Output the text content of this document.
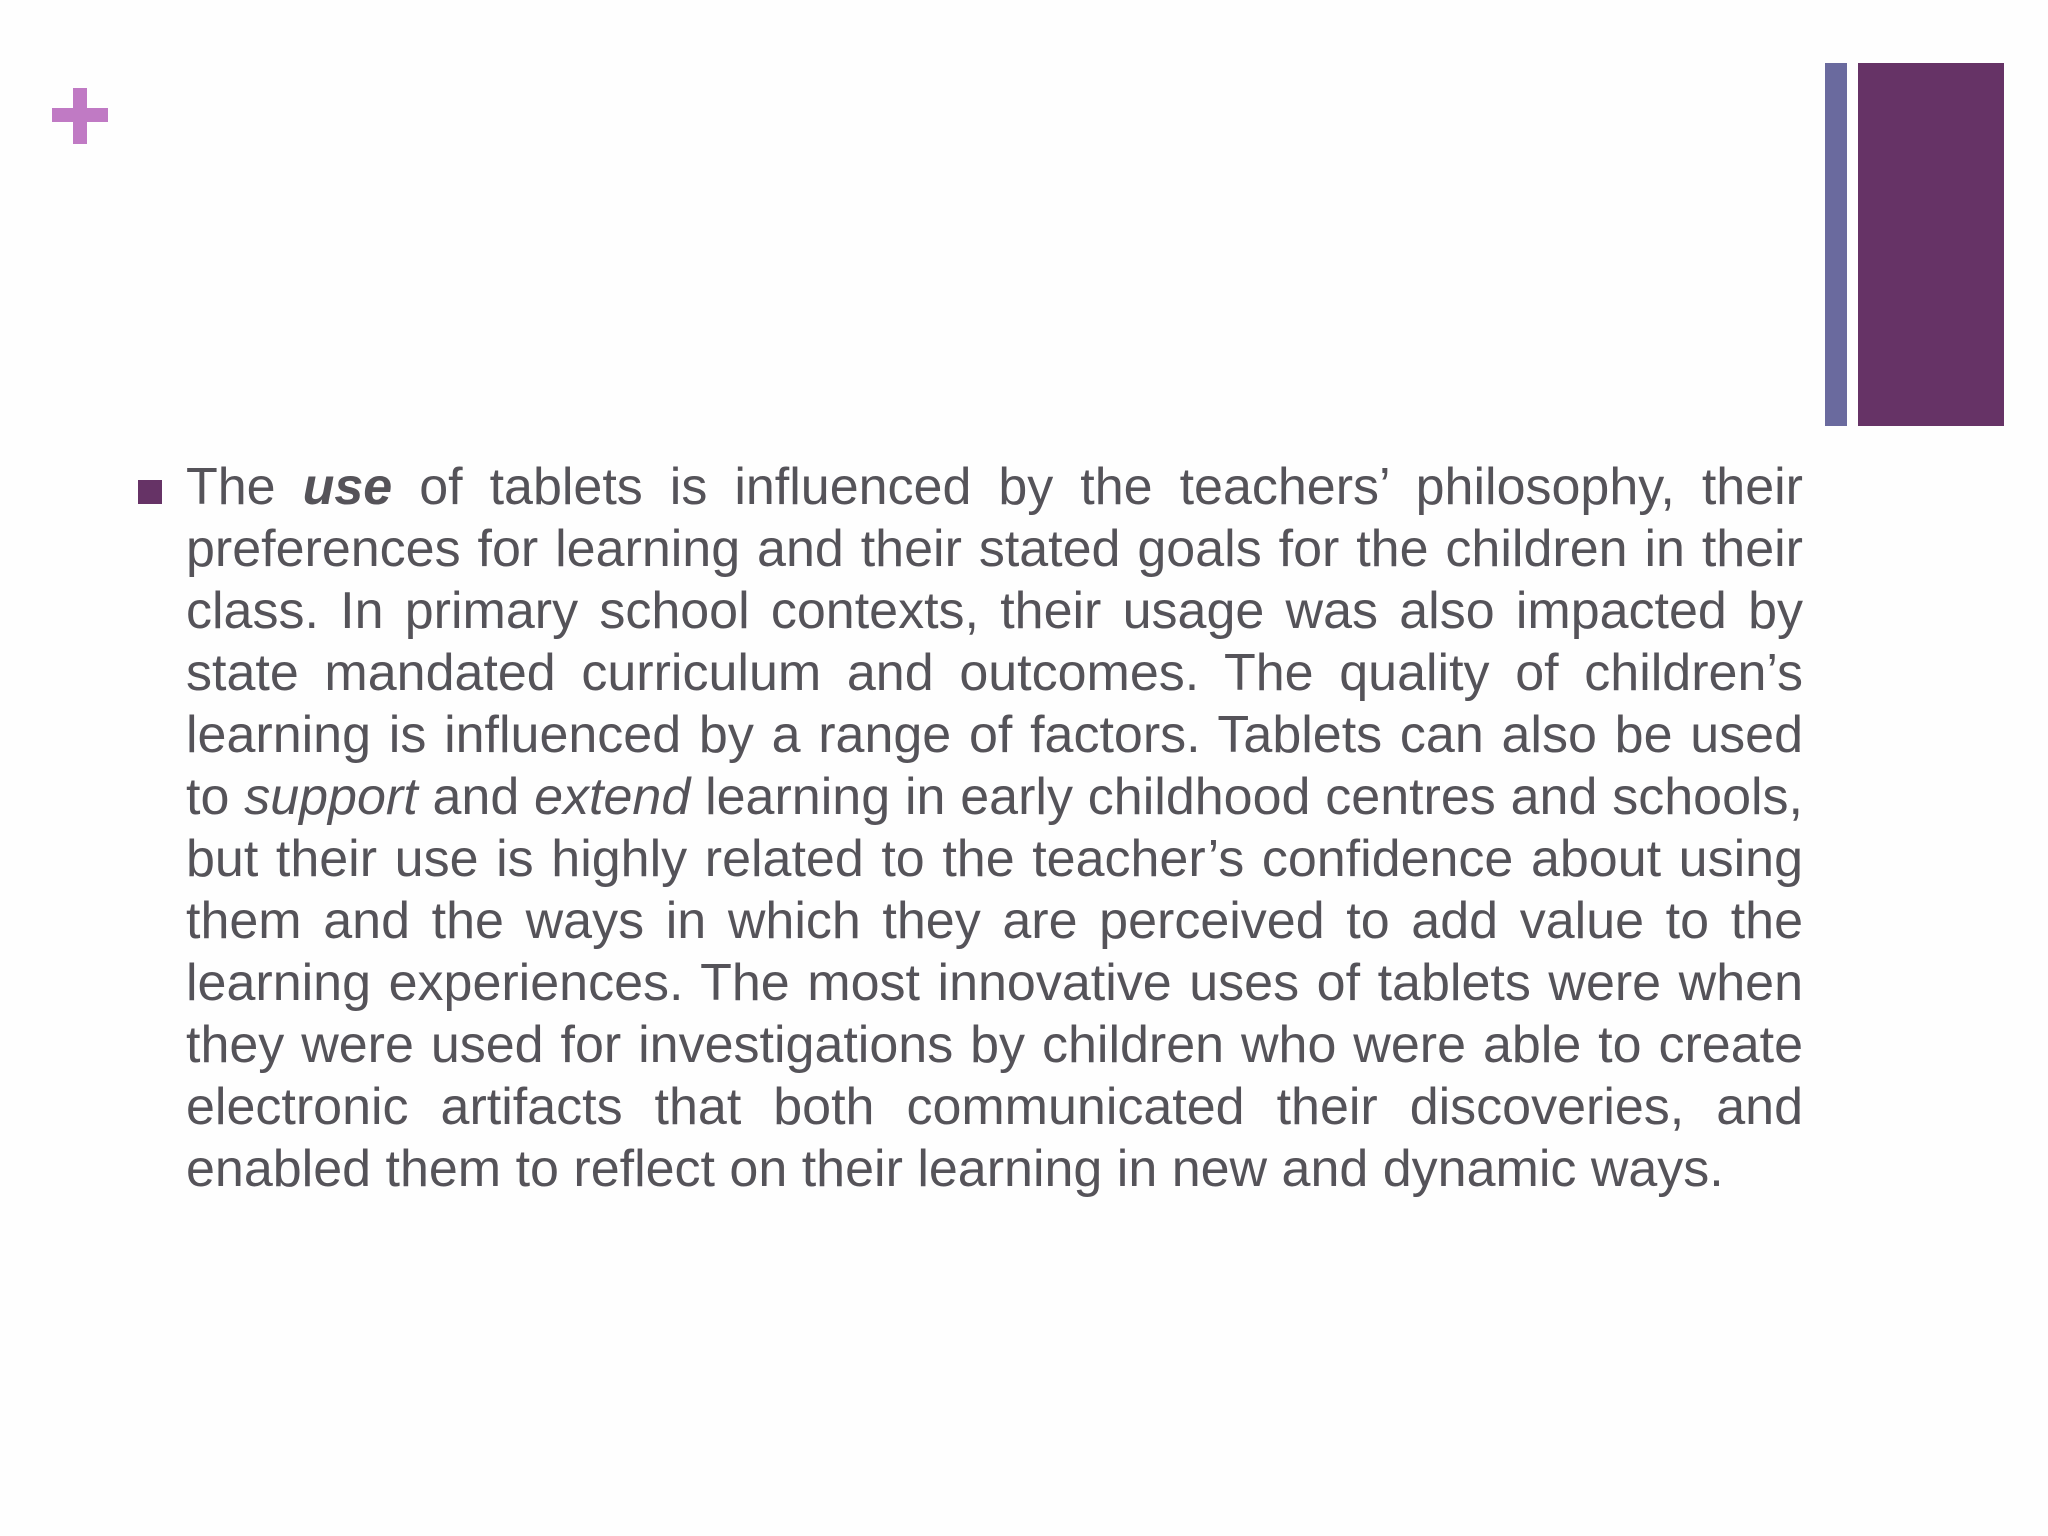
The use of tablets is influenced by the teachers’ philosophy, their preferences for learning and their stated goals for the children in their class. In primary school contexts, their usage was also impacted by state mandated curriculum and outcomes. The quality of children’s learning is influenced by a range of factors. Tablets can also be used to support and extend learning in early childhood centres and schools, but their use is highly related to the teacher’s confidence about using them and the ways in which they are perceived to add value to the learning experiences. The most innovative uses of tablets were when they were used for investigations by children who were able to create electronic artifacts that both communicated their discoveries, and enabled them to reflect on their learning in new and dynamic ways.
